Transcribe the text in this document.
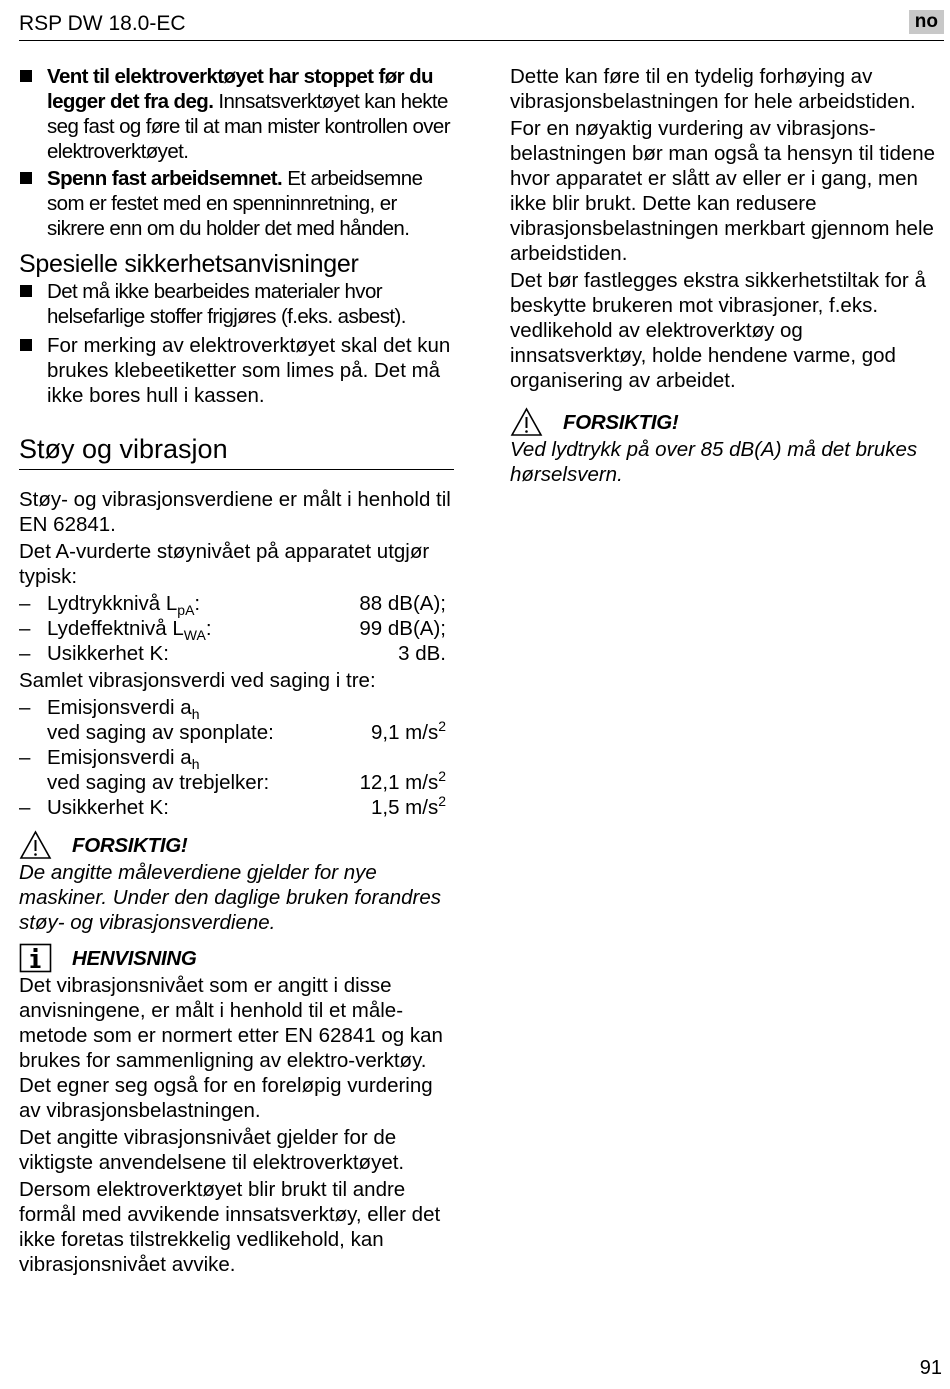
RSP DW 18.0-EC	no
Vent til elektroverktøyet har stoppet før du legger det fra deg. Innsatsverktøyet kan hekte seg fast og føre til at man mister kontrollen over elektroverktøyet.
Spenn fast arbeidsemnet. Et arbeidsemne som er festet med en spenninnretning, er sikrere enn om du holder det med hånden.
Spesielle sikkerhetsanvisninger
Det må ikke bearbeides materialer hvor helsefarlige stoffer frigjøres (f.eks. asbest).
For merking av elektroverktøyet skal det kun brukes klebeetiketter som limes på. Det må ikke bores hull i kassen.
Støy og vibrasjon

Støy- og vibrasjonsverdiene er målt i henhold til EN 62841.

Det A-vurderte støynivået på apparatet utgjør typisk:

– Lydtrykknivå $L_{pA}$:	88 dB(A);
– Lydeffektnivå $L_{WA}$:	99 dB(A);
– Usikkerhet K:	3 dB.

Samlet vibrasjonsverdi ved saging i tre:

– Emisjonsverdi $a_h$
ved saging av sponplate:	9,1 $m/s^2$
– Emisjonsverdi $a_h$
ved saging av trebjelker:	12,1 $m/s^2$
– Usikkerhet K:	1,5 $m/s^2$
FORSIKTIG!

De angitte måleverdiene gjelder for nye maskiner. Under den daglige bruken forandres støy- og vibrasjonsverdiene.

HENVISNING

Det vibrasjonsnivået som er angitt i disse anvisningene, er målt i henhold til et måle-metode som er normert etter EN 62841 og kan brukes for sammenligning av elektro-verktøy. Det egner seg også for en foreløpig vurdering av vibrasjonsbelastningen.

Det angitte vibrasjonsnivået gjelder for de viktigste anvendelsene til elektroverktøyet.

Dersom elektroverktøyet blir brukt til andre formål med avvikende innsatsverktøy, eller det ikke foretas tilstrekkelig vedlikehold, kan vibrasjonsnivået avvike.

Dette kan føre til en tydelig forhøying av vibrasjonsbelastningen for hele arbeidstiden.

For en nøyaktig vurdering av vibrasjons-belastningen bør man også ta hensyn til tidene hvor apparatet er slått av eller er i gang, men ikke blir brukt. Dette kan redusere vibrasjonsbelastningen merkbart gjennom hele arbeidstiden.

Det bør fastlegges ekstra sikkerhetstiltak for å beskytte brukeren mot vibrasjoner, f.eks. vedlikehold av elektroverktøy og innsatsverktøy, holde hendene varme, god organisering av arbeidet.

FORSIKTIG!

Ved lydtrykk på over 85 dB(A) må det brukes hørselsvern.

91
